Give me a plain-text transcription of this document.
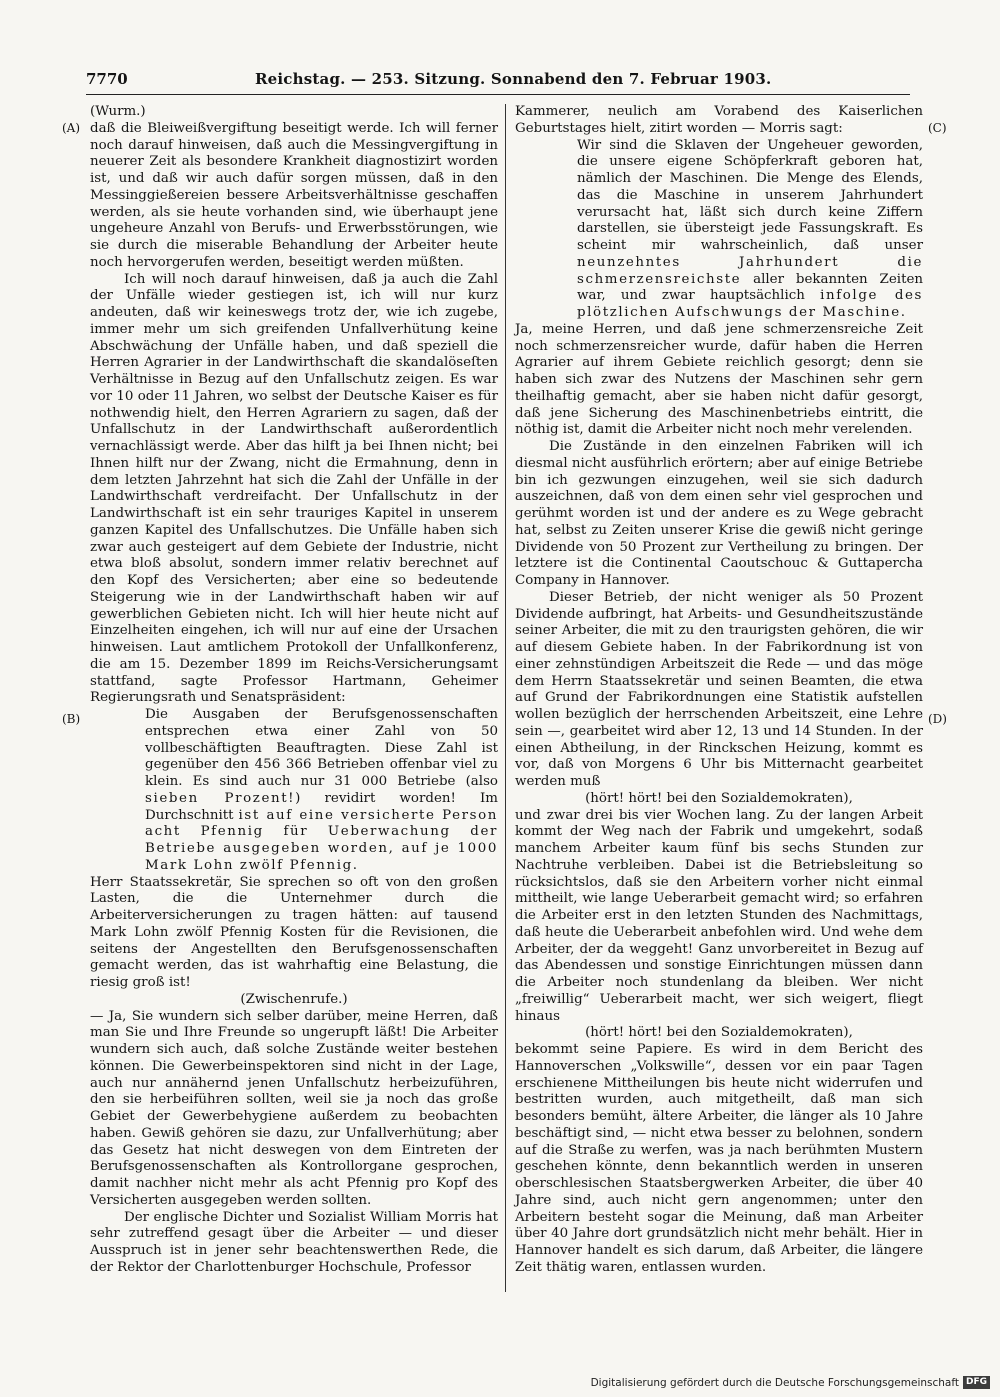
7770	Reichstag. — 253. Sitzung. Sonnabend den 7. Februar 1903.
(A)
(B)
(C)
(D)

(Wurm.)

daß die Bleiweißvergiftung beseitigt werde. Ich will ferner noch darauf hinweisen, daß auch die Messingvergiftung in neuerer Zeit als besondere Krankheit diagnostizirt worden ist, und daß wir auch dafür sorgen müssen, daß in den Messinggießereien bessere Arbeitsverhältnisse geschaffen werden, als sie heute vorhanden sind, wie überhaupt jene ungeheure Anzahl von Berufs- und Erwerbsstörungen, wie sie durch die miserable Behandlung der Arbeiter heute noch hervorgerufen werden, beseitigt werden müßten.

Ich will noch darauf hinweisen, daß ja auch die Zahl der Unfälle wieder gestiegen ist, ich will nur kurz andeuten, daß wir keineswegs trotz der, wie ich zugebe, immer mehr um sich greifenden Unfallverhütung keine Abschwächung der Unfälle haben, und daß speziell die Herren Agrarier in der Landwirthschaft die skandalöseſten Verhältnisse in Bezug auf den Unfallschutz zeigen. Es war vor 10 oder 11 Jahren, wo selbst der Deutsche Kaiser es für nothwendig hielt, den Herren Agrariern zu sagen, daß der Unfallschutz in der Landwirthschaft außerordentlich vernachlässigt werde. Aber das hilft ja bei Ihnen nicht; bei Ihnen hilft nur der Zwang, nicht die Ermahnung, denn in dem letzten Jahrzehnt hat sich die Zahl der Unfälle in der Landwirthschaft verdreifacht. Der Unfallschutz in der Landwirthschaft ist ein sehr trauriges Kapitel in unserem ganzen Kapitel des Unfallschutzes. Die Unfälle haben sich zwar auch gesteigert auf dem Gebiete der Industrie, nicht etwa bloß absolut, sondern immer relativ berechnet auf den Kopf des Versicherten; aber eine so bedeutende Steigerung wie in der Landwirthschaft haben wir auf gewerblichen Gebieten nicht. Ich will hier heute nicht auf Einzelheiten eingehen, ich will nur auf eine der Ursachen hinweisen. Laut amtlichem Protokoll der Unfallkonferenz, die am 15. Dezember 1899 im Reichs-Versicherungsamt stattfand, sagte Professor Hartmann, Geheimer Regierungsrath und Senatspräsident:

Die Ausgaben der Berufsgenossenschaften entsprechen etwa einer Zahl von 50 vollbeschäftigten Beauftragten. Diese Zahl ist gegenüber den 456 366 Betrieben offenbar viel zu klein. Es sind auch nur 31 000 Betriebe (also sieben Prozent!) revidirt worden! Im Durchschnitt ist auf eine versicherte Person acht Pfennig für Ueberwachung der Betriebe ausgegeben worden, auf je 1000 Mark Lohn zwölf Pfennig.

Herr Staatssekretär, Sie sprechen so oft von den großen Lasten, die die Unternehmer durch die Arbeiterversicherungen zu tragen hätten: auf tausend Mark Lohn zwölf Pfennig Kosten für die Revisionen, die seitens der Angestellten den Berufsgenossenschaften gemacht werden, das ist wahrhaftig eine Belastung, die riesig groß ist!

(Zwischenrufe.)

— Ja, Sie wundern sich selber darüber, meine Herren, daß man Sie und Ihre Freunde so ungerupft läßt! Die Arbeiter wundern sich auch, daß solche Zustände weiter bestehen können. Die Gewerbeinspektoren sind nicht in der Lage, auch nur annähernd jenen Unfallschutz herbeizuführen, den sie herbeiführen sollten, weil sie ja noch das große Gebiet der Gewerbehygiene außerdem zu beobachten haben. Gewiß gehören sie dazu, zur Unfallverhütung; aber das Gesetz hat nicht deswegen von dem Eintreten der Berufsgenossenschaften als Kontrollorgane gesprochen, damit nachher nicht mehr als acht Pfennig pro Kopf des Versicherten ausgegeben werden sollten.

Der englische Dichter und Sozialist William Morris hat sehr zutreffend gesagt über die Arbeiter — und dieser Ausspruch ist in jener sehr beachtenswerthen Rede, die der Rektor der Charlottenburger Hochschule, Professor

Kammerer, neulich am Vorabend des Kaiserlichen Geburtstages hielt, zitirt worden — Morris sagt:

Wir sind die Sklaven der Ungeheuer geworden, die unsere eigene Schöpferkraft geboren hat, nämlich der Maschinen. Die Menge des Elends, das die Maschine in unserem Jahrhundert verursacht hat, läßt sich durch keine Ziffern darstellen, sie übersteigt jede Fassungskraft. Es scheint mir wahrscheinlich, daß unser neunzehntes Jahrhundert die schmerzensreichste aller bekannten Zeiten war, und zwar hauptsächlich infolge des plötzlichen Aufschwungs der Maschine.

Ja, meine Herren, und daß jene schmerzensreiche Zeit noch schmerzensreicher wurde, dafür haben die Herren Agrarier auf ihrem Gebiete reichlich gesorgt; denn sie haben sich zwar des Nutzens der Maschinen sehr gern theilhaftig gemacht, aber sie haben nicht dafür gesorgt, daß jene Sicherung des Maschinenbetriebs eintritt, die nöthig ist, damit die Arbeiter nicht noch mehr verelenden.

Die Zustände in den einzelnen Fabriken will ich diesmal nicht ausführlich erörtern; aber auf einige Betriebe bin ich gezwungen einzugehen, weil sie sich dadurch auszeichnen, daß von dem einen sehr viel gesprochen und gerühmt worden ist und der andere es zu Wege gebracht hat, selbst zu Zeiten unserer Krise die gewiß nicht geringe Dividende von 50 Prozent zur Vertheilung zu bringen. Der letztere ist die Continental Caoutschouc & Guttapercha Company in Hannover.

Dieser Betrieb, der nicht weniger als 50 Prozent Dividende aufbringt, hat Arbeits- und Gesundheitszustände seiner Arbeiter, die mit zu den traurigsten gehören, die wir auf diesem Gebiete haben. In der Fabrikordnung ist von einer zehnstündigen Arbeitszeit die Rede — und das möge dem Herrn Staatssekretär und seinen Beamten, die etwa auf Grund der Fabrikordnungen eine Statistik aufstellen wollen bezüglich der herrschenden Arbeitszeit, eine Lehre sein —, gearbeitet wird aber 12, 13 und 14 Stunden. In der einen Abtheilung, in der Rinckschen Heizung, kommt es vor, daß von Morgens 6 Uhr bis Mitternacht gearbeitet werden muß

(hört! hört! bei den Sozialdemokraten),

und zwar drei bis vier Wochen lang. Zu der langen Arbeit kommt der Weg nach der Fabrik und umgekehrt, sodaß manchem Arbeiter kaum fünf bis sechs Stunden zur Nachtruhe verbleiben. Dabei ist die Betriebsleitung so rücksichtslos, daß sie den Arbeitern vorher nicht einmal mittheilt, wie lange Ueberarbeit gemacht wird; so erfahren die Arbeiter erst in den letzten Stunden des Nachmittags, daß heute die Ueberarbeit anbefohlen wird. Und wehe dem Arbeiter, der da weggeht! Ganz unvorbereitet in Bezug auf das Abendessen und sonstige Einrichtungen müssen dann die Arbeiter noch stundenlang da bleiben. Wer nicht „freiwillig“ Ueberarbeit macht, wer sich weigert, fliegt hinaus

(hört! hört! bei den Sozialdemokraten),

bekommt seine Papiere. Es wird in dem Bericht des Hannoverschen „Volkswille“, dessen vor ein paar Tagen erschienene Mittheilungen bis heute nicht widerrufen und bestritten wurden, auch mitgetheilt, daß man sich besonders bemüht, ältere Arbeiter, die länger als 10 Jahre beschäftigt sind, — nicht etwa besser zu belohnen, sondern auf die Straße zu werfen, was ja nach berühmten Mustern geschehen könnte, denn bekanntlich werden in unseren oberschlesischen Staatsbergwerken Arbeiter, die über 40 Jahre sind, auch nicht gern angenommen; unter den Arbeitern besteht sogar die Meinung, daß man Arbeiter über 40 Jahre dort grundsätzlich nicht mehr behält. Hier in Hannover handelt es sich darum, daß Arbeiter, die längere Zeit thätig waren, entlassen wurden.

Digitalisierung gefördert durch die Deutsche Forschungsgemeinschaft DFG
